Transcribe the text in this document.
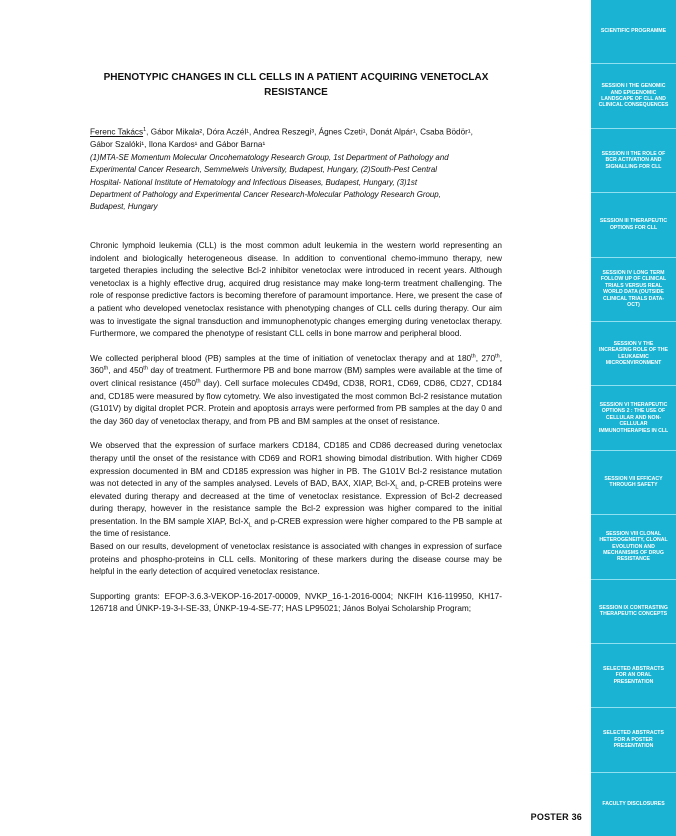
PHENOTYPIC CHANGES IN CLL CELLS IN A PATIENT ACQUIRING VENETOCLAX
RESISTANCE
Ferenc Takács$^1$, Gábor Mikala², Dóra Aczél¹, Andrea Reszegi³, Ágnes Czeti¹, Donát Alpár¹, Csaba Bödör¹,
Gábor Szalóki¹, Ilona Kardos¹ and Gábor Barna¹
(1)MTA-SE Momentum Molecular Oncohematology Research Group, 1st Department of Pathology and
Experimental Cancer Research, Semmelweis University, Budapest, Hungary, (2)South-Pest Central
Hospital- National Institute of Hematology and Infectious Diseases, Budapest, Hungary, (3)1st
Department of Pathology and Experimental Cancer Research-Molecular Pathology Research Group,
Budapest, Hungary

Chronic lymphoid leukemia (CLL) is the most common adult leukemia in the western world representing an indolent and biologically heterogeneous disease. In addition to conventional chemo-immuno therapy, new targeted therapies including the selective Bcl-2 inhibitor venetoclax were introduced in recent years. Although venetoclax is a highly effective drug, acquired drug resistance may make long-term treatment challenging. The role of response predictive factors is becoming therefore of paramount importance. Here, we present the case of a patient who developed venetoclax resistance with phenotyping changes of CLL cells during therapy. Our aim was to investigate the signal transduction and immunophenotypic changes emerging during venetoclax therapy. Furthermore, we compared the phenotype of resistant CLL cells in bone marrow and peripheral blood.

We collected peripheral blood (PB) samples at the time of initiation of venetoclax therapy and at 180th, 270th, 360th, and 450th day of treatment. Furthermore PB and bone marrow (BM) samples were available at the time of overt clinical resistance (450th day). Cell surface molecules CD49d, CD38, ROR1, CD69, CD86, CD27, CD184 and, CD185 were measured by flow cytometry. We also investigated the most common Bcl-2 resistance mutation (G101V) by digital droplet PCR. Protein and apoptosis arrays were performed from PB samples at the day 0 and the day 360 day of venetoclax therapy, and from PB and BM samples at the onset of resistance.

We observed that the expression of surface markers CD184, CD185 and CD86 decreased during venetoclax therapy until the onset of the resistance with CD69 and ROR1 showing bimodal distribution. With higher CD69 expression documented in BM and CD185 expression was higher in PB. The G101V Bcl-2 resistance mutation was not detected in any of the samples analysed. Levels of BAD, BAX, XIAP, Bcl-$X_L$ and, p-CREB proteins were elevated during therapy and decreased at the time of venetoclax resistance. Expression of Bcl-2 decreased during therapy, however in the resistance sample the Bcl-2 expression was higher compared to the initial presentation. In the BM sample XIAP, Bcl-$X_L$ and p-CREB expression were higher compared to the PB sample at the time of resistance.

Based on our results, development of venetoclax resistance is associated with changes in expression of surface proteins and phospho-proteins in CLL cells. Monitoring of these markers during the disease course may be helpful in the early detection of acquired venetoclax resistance.

Supporting grants: EFOP-3.6.3-VEKOP-16-2017-00009, NVKP_16-1-2016-0004; NKFIH K16-119950, KH17-126718 and ÚNKP-19-3-I-SE-33, ÚNKP-19-4-SE-77; HAS LP95021; János Bolyai Scholarship Program;

POSTER 36
SCIENTIFIC PROGRAMME
SESSION I THE GENOMIC AND EPIGENOMIC LANDSCAPE OF CLL AND CLINICAL CONSEQUENCES
SESSION II THE ROLE OF BCR ACTIVATION AND SIGNALLING FOR CLL
SESSION III THERAPEUTIC OPTIONS FOR CLL
SESSION IV LONG TERM FOLLOW UP OF CLINICAL TRIALS VERSUS REAL WORLD DATA (OUTSIDE CLINICAL TRIALS DATA-OCT)
SESSION V THE INCREASING ROLE OF THE LEUKAEMIC MICROENVIRONMENT
SESSION VI THERAPEUTIC OPTIONS 2 : THE USE OF CELLULAR AND NON-CELLULAR IMMUNOTHERAPIES IN CLL
SESSION VII EFFICACY THROUGH SAFETY
SESSION VIII CLONAL HETEROGENEITY, CLONAL EVOLUTION AND MECHANISMS OF DRUG RESISTANCE
SESSION IX CONTRASTING THERAPEUTIC CONCEPTS
SELECTED ABSTRACTS FOR AN ORAL PRESENTATION
SELECTED ABSTRACTS FOR A POSTER PRESENTATION
FACULTY DISCLOSURES
